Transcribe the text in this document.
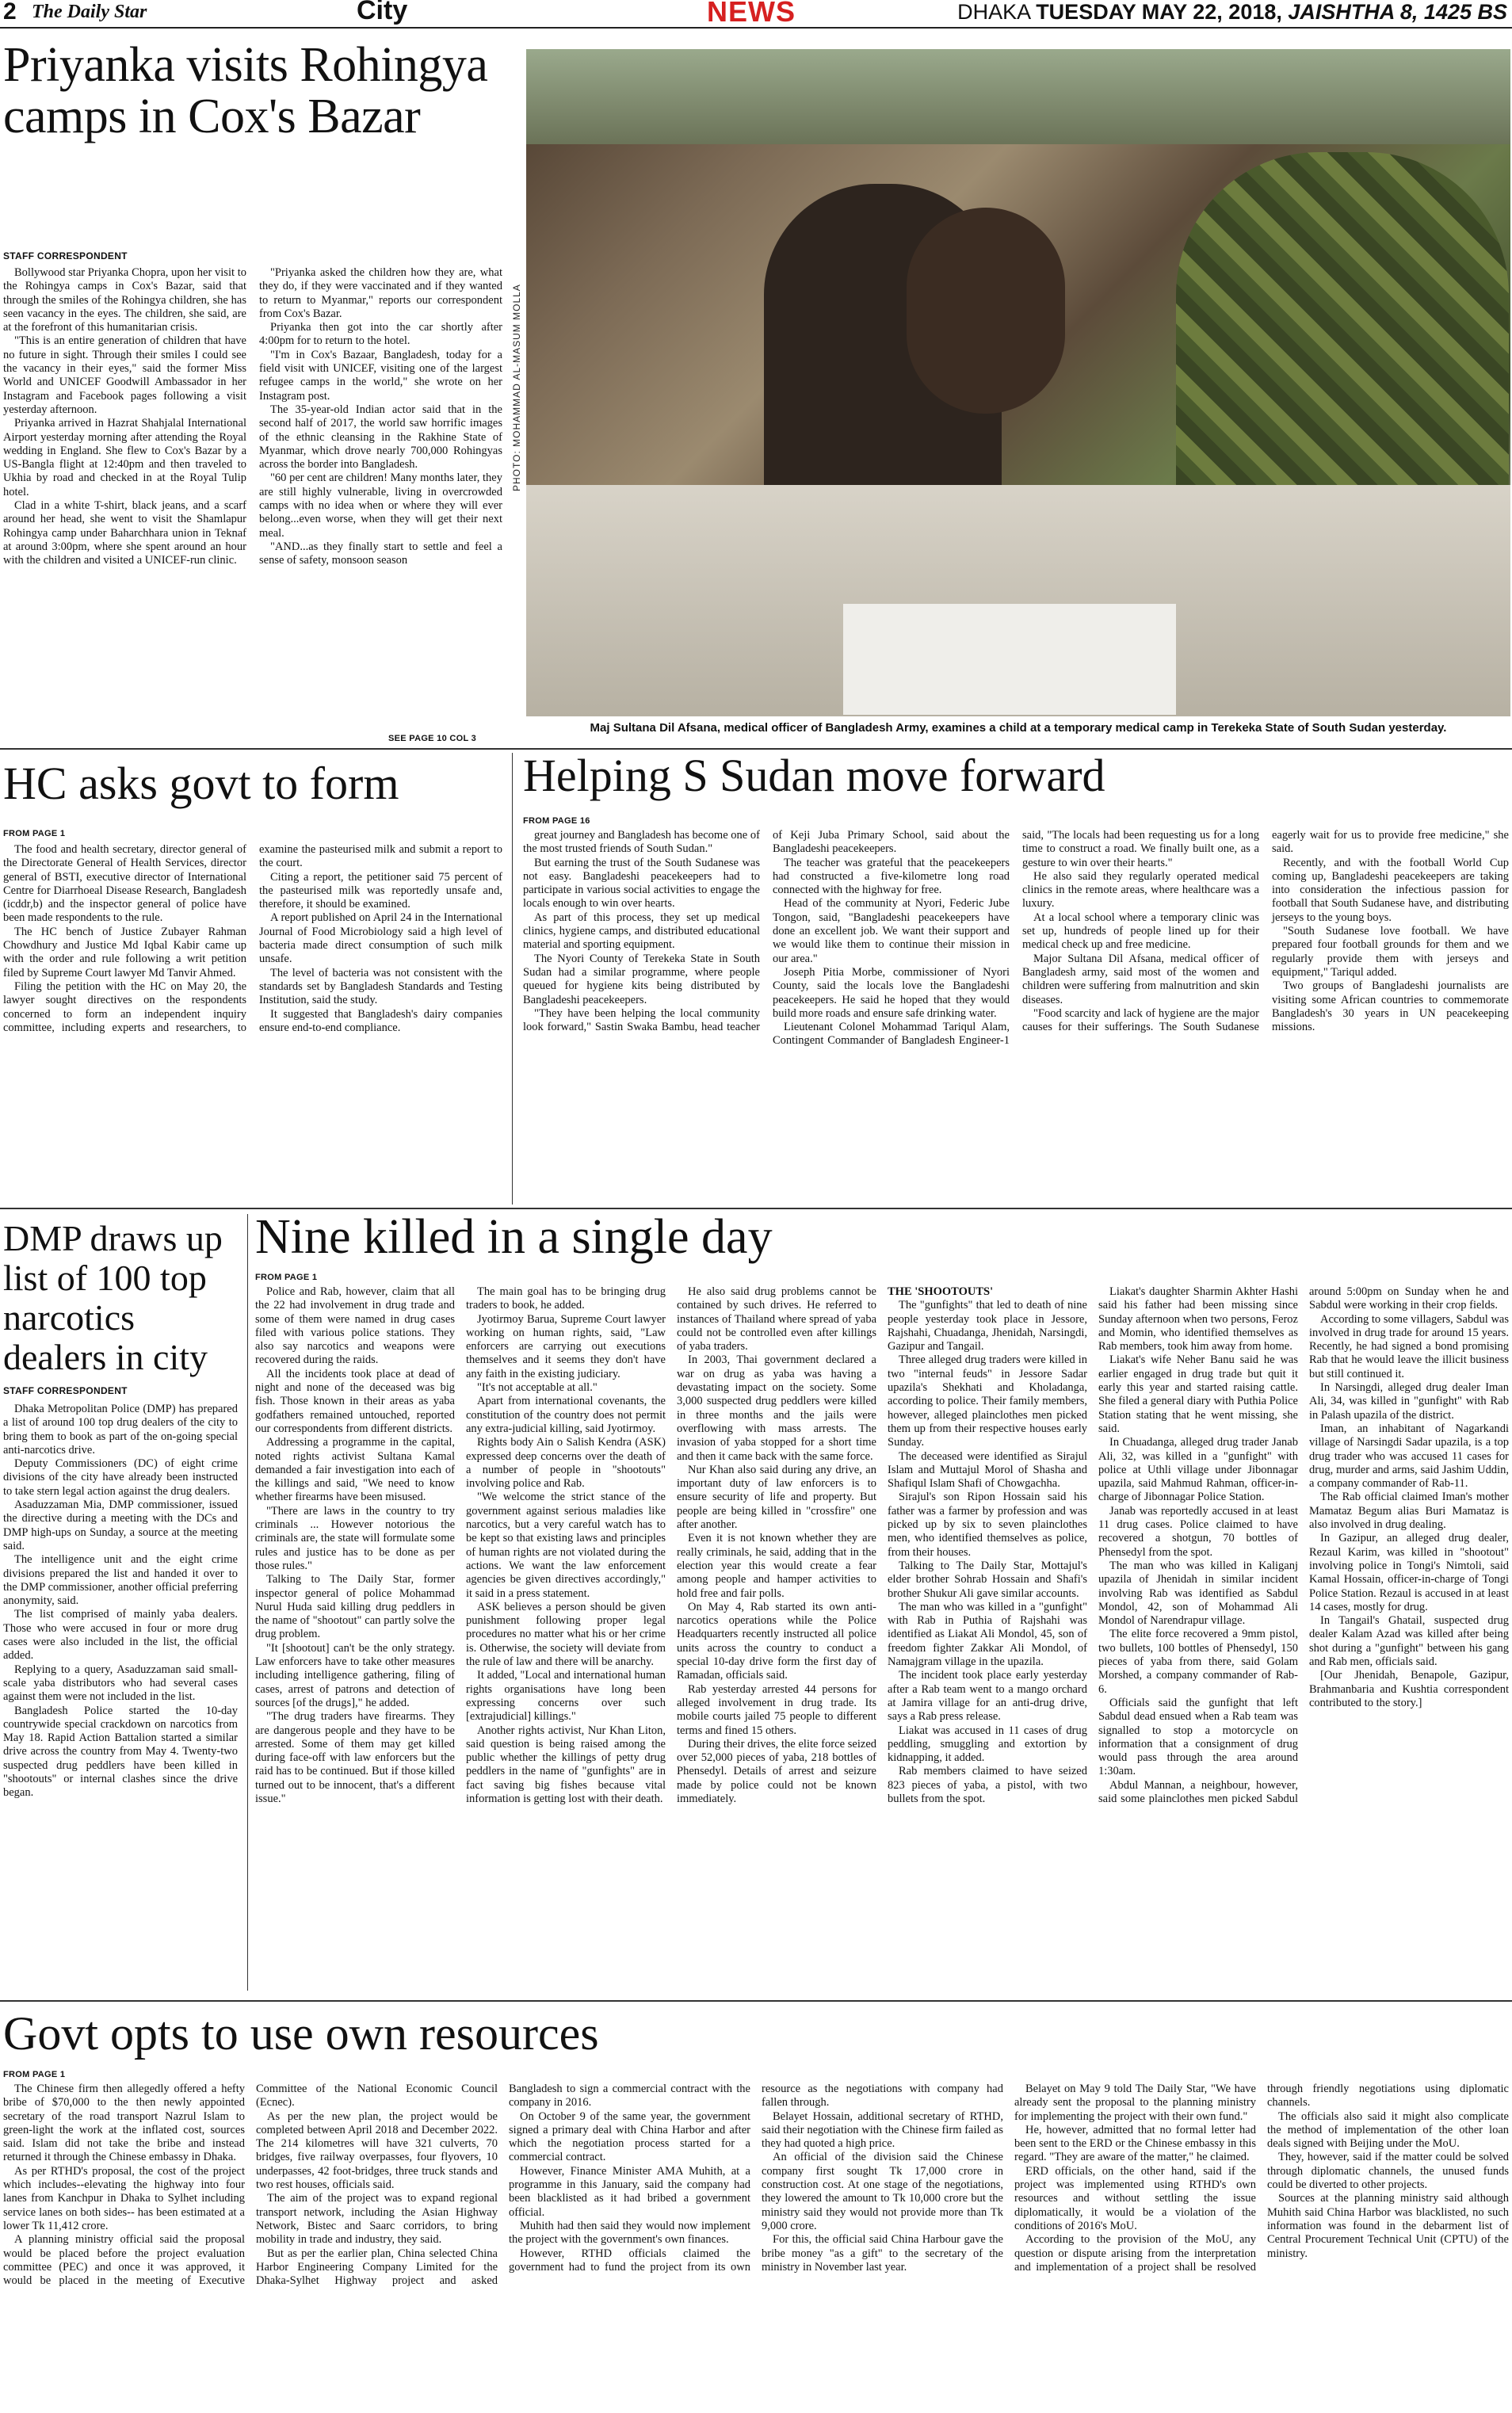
2 The Daily Star	City	NEWS	DHAKA TUESDAY MAY 22, 2018, JAISHTHA 8, 1425 BS
Priyanka visits Rohingya camps in Cox's Bazar
STAFF CORRESPONDENT

Bollywood star Priyanka Chopra, upon her visit to the Rohingya camps in Cox's Bazar, said that through the smiles of the Rohingya children, she has seen vacancy in the eyes. The children, she said, are at the forefront of this humanitarian crisis.

"This is an entire generation of children that have no future in sight. Through their smiles I could see the vacancy in their eyes," said the former Miss World and UNICEF Goodwill Ambassador in her Instagram and Facebook pages following a visit yesterday afternoon.

Priyanka arrived in Hazrat Shahjalal International Airport yesterday morning after attending the Royal wedding in England. She flew to Cox's Bazar by a US-Bangla flight at 12:40pm and then traveled to Ukhia by road and checked in at the Royal Tulip hotel.

Clad in a white T-shirt, black jeans, and a scarf around her head, she went to visit the Shamlapur Rohingya camp under Baharchhara union in Teknaf at around 3:00pm, where she spent around an hour with the children and visited a UNICEF-run clinic.

"Priyanka asked the children how they are, what they do, if they were vaccinated and if they wanted to return to Myanmar," reports our correspondent from Cox's Bazar.

Priyanka then got into the car shortly after 4:00pm for to return to the hotel.

"I'm in Cox's Bazaar, Bangladesh, today for a field visit with UNICEF, visiting one of the largest refugee camps in the world," she wrote on her Instagram post.

The 35-year-old Indian actor said that in the second half of 2017, the world saw horrific images of the ethnic cleansing in the Rakhine State of Myanmar, which drove nearly 700,000 Rohingyas across the border into Bangladesh.

"60 per cent are children! Many months later, they are still highly vulnerable, living in overcrowded camps with no idea when or where they will ever belong...even worse, when they will get their next meal.

"AND...as they finally start to settle and feel a sense of safety, monsoon season

SEE PAGE 10 COL 3
PHOTO: MOHAMMAD AL-MASUM MOLLA
Maj Sultana Dil Afsana, medical officer of Bangladesh Army, examines a child at a temporary medical camp in Terekeka State of South Sudan yesterday.
HC asks govt to form
FROM PAGE 1

The food and health secretary, director general of the Directorate General of Health Services, director general of BSTI, executive director of International Centre for Diarrhoeal Disease Research, Bangladesh (icddr,b) and the inspector general of police have been made respondents to the rule.

The HC bench of Justice Zubayer Rahman Chowdhury and Justice Md Iqbal Kabir came up with the order and rule following a writ petition filed by Supreme Court lawyer Md Tanvir Ahmed.

Filing the petition with the HC on May 20, the lawyer sought directives on the respondents concerned to form an independent inquiry committee, including experts and researchers, to examine the pasteurised milk and submit a report to the court.

Citing a report, the petitioner said 75 percent of the pasteurised milk was reportedly unsafe and, therefore, it should be examined.

A report published on April 24 in the International Journal of Food Microbiology said a high level of bacteria made direct consumption of such milk unsafe.

The level of bacteria was not consistent with the standards set by Bangladesh Standards and Testing Institution, said the study.

It suggested that Bangladesh's dairy companies ensure end-to-end compliance.

Helping S Sudan move forward
FROM PAGE 16

great journey and Bangladesh has become one of the most trusted friends of South Sudan."

But earning the trust of the South Sudanese was not easy. Bangladeshi peacekeepers had to participate in various social activities to engage the locals enough to win over hearts.

As part of this process, they set up medical clinics, hygiene camps, and distributed educational material and sporting equipment.

The Nyori County of Terekeka State in South Sudan had a similar programme, where people queued for hygiene kits being distributed by Bangladeshi peacekeepers.

"They have been helping the local community look forward," Sastin Swaka Bambu, head teacher of Keji Juba Primary School, said about the Bangladeshi peacekeepers.

The teacher was grateful that the peacekeepers had constructed a five-kilometre long road connected with the highway for free.

Head of the community at Nyori, Federic Jube Tongon, said, "Bangladeshi peacekeepers have done an excellent job. We want their support and we would like them to continue their mission in our area."

Joseph Pitia Morbe, commissioner of Nyori County, said the locals love the Bangladeshi peacekeepers. He said he hoped that they would build more roads and ensure safe drinking water.

Lieutenant Colonel Mohammad Tariqul Alam, Contingent Commander of Bangladesh Engineer-1 said, "The locals had been requesting us for a long time to construct a road. We finally built one, as a gesture to win over their hearts."

He also said they regularly operated medical clinics in the remote areas, where healthcare was a luxury.

At a local school where a temporary clinic was set up, hundreds of people lined up for their medical check up and free medicine.

Major Sultana Dil Afsana, medical officer of Bangladesh army, said most of the women and children were suffering from malnutrition and skin diseases.

"Food scarcity and lack of hygiene are the major causes for their sufferings. The South Sudanese eagerly wait for us to provide free medicine," she said.

Recently, and with the football World Cup coming up, Bangladeshi peacekeepers are taking into consideration the infectious passion for football that South Sudanese have, and distributing jerseys to the young boys.

"South Sudanese love football. We have prepared four football grounds for them and we regularly provide them with jerseys and equipment," Tariqul added.

Two groups of Bangladeshi journalists are visiting some African countries to commemorate Bangladesh's 30 years in UN peacekeeping missions.

DMP draws up list of 100 top narcotics dealers in city
STAFF CORRESPONDENT

Dhaka Metropolitan Police (DMP) has prepared a list of around 100 top drug dealers of the city to bring them to book as part of the on-going special anti-narcotics drive.

Deputy Commissioners (DC) of eight crime divisions of the city have already been instructed to take stern legal action against the drug dealers.

Asaduzzaman Mia, DMP commissioner, issued the directive during a meeting with the DCs and DMP high-ups on Sunday, a source at the meeting said.

The intelligence unit and the eight crime divisions prepared the list and handed it over to the DMP commissioner, another official preferring anonymity, said.

The list comprised of mainly yaba dealers. Those who were accused in four or more drug cases were also included in the list, the official added.

Replying to a query, Asaduzzaman said small-scale yaba distributors who had several cases against them were not included in the list.

Bangladesh Police started the 10-day countrywide special crackdown on narcotics from May 18. Rapid Action Battalion started a similar drive across the country from May 4. Twenty-two suspected drug peddlers have been killed in "shootouts" or internal clashes since the drive began.

Nine killed in a single day
FROM PAGE 1

Police and Rab, however, claim that all the 22 had involvement in drug trade and some of them were named in drug cases filed with various police stations. They also say narcotics and weapons were recovered during the raids.

All the incidents took place at dead of night and none of the deceased was big fish. Those known in their areas as yaba godfathers remained untouched, reported our correspondents from different districts.

Addressing a programme in the capital, noted rights activist Sultana Kamal demanded a fair investigation into each of the killings and said, "We need to know whether firearms have been misused.

"There are laws in the country to try criminals ... However notorious the criminals are, the state will formulate some rules and justice has to be done as per those rules."

Talking to The Daily Star, former inspector general of police Mohammad Nurul Huda said killing drug peddlers in the name of "shootout" can partly solve the drug problem.

"It [shootout] can't be the only strategy. Law enforcers have to take other measures including intelligence gathering, filing of cases, arrest of patrons and detection of sources [of the drugs]," he added.

"The drug traders have firearms. They are dangerous people and they have to be arrested. Some of them may get killed during face-off with law enforcers but the raid has to be continued. But if those killed turned out to be innocent, that's a different issue."

The main goal has to be bringing drug traders to book, he added.

Jyotirmoy Barua, Supreme Court lawyer working on human rights, said, "Law enforcers are carrying out executions themselves and it seems they don't have any faith in the existing judiciary.

"It's not acceptable at all."

Apart from international covenants, the constitution of the country does not permit any extra-judicial killing, said Jyotirmoy.

Rights body Ain o Salish Kendra (ASK) expressed deep concerns over the death of a number of people in "shootouts" involving police and Rab.

"We welcome the strict stance of the government against serious maladies like narcotics, but a very careful watch has to be kept so that existing laws and principles of human rights are not violated during the actions. We want the law enforcement agencies be given directives accordingly," it said in a press statement.

ASK believes a person should be given punishment following proper legal procedures no matter what his or her crime is. Otherwise, the society will deviate from the rule of law and there will be anarchy.

It added, "Local and international human rights organisations have long been expressing concerns over such [extrajudicial] killings."

Another rights activist, Nur Khan Liton, said question is being raised among the public whether the killings of petty drug peddlers in the name of "gunfights" are in fact saving big fishes because vital information is getting lost with their death.

He also said drug problems cannot be contained by such drives. He referred to instances of Thailand where spread of yaba could not be controlled even after killings of yaba traders.

In 2003, Thai government declared a war on drug as yaba was having a devastating impact on the society. Some 3,000 suspected drug peddlers were killed in three months and the jails were overflowing with mass arrests. The invasion of yaba stopped for a short time and then it came back with the same force.

Nur Khan also said during any drive, an important duty of law enforcers is to ensure security of life and property. But people are being killed in "crossfire" one after another.

Even it is not known whether they are really criminals, he said, adding that in the election year this would create a fear among people and hamper activities to hold free and fair polls.

On May 4, Rab started its own anti-narcotics operations while the Police Headquarters recently instructed all police units across the country to conduct a special 10-day drive form the first day of Ramadan, officials said.

Rab yesterday arrested 44 persons for alleged involvement in drug trade. Its mobile courts jailed 75 people to different terms and fined 15 others.

During their drives, the elite force seized over 52,000 pieces of yaba, 218 bottles of Phensedyl. Details of arrest and seizure made by police could not be known immediately.

THE 'SHOOTOUTS'

The "gunfights" that led to death of nine people yesterday took place in Jessore, Rajshahi, Chuadanga, Jhenidah, Narsingdi, Gazipur and Tangail.

Three alleged drug traders were killed in two "internal feuds" in Jessore Sadar upazila's Shekhati and Kholadanga, according to police. Their family members, however, alleged plainclothes men picked them up from their respective houses early Sunday.

The deceased were identified as Sirajul Islam and Muttajul Morol of Shasha and Shafiqul Islam Shafi of Chowgachha.

Sirajul's son Ripon Hossain said his father was a farmer by profession and was picked up by six to seven plainclothes men, who identified themselves as police, from their houses.

Talking to The Daily Star, Mottajul's elder brother Sohrab Hossain and Shafi's brother Shukur Ali gave similar accounts.

The man who was killed in a "gunfight" with Rab in Puthia of Rajshahi was identified as Liakat Ali Mondol, 45, son of freedom fighter Zakkar Ali Mondol, of Namajgram village in the upazila.

The incident took place early yesterday after a Rab team went to a mango orchard at Jamira village for an anti-drug drive, says a Rab press release.

Liakat was accused in 11 cases of drug peddling, smuggling and extortion by kidnapping, it added.

Rab members claimed to have seized 823 pieces of yaba, a pistol, with two bullets from the spot.

Liakat's daughter Sharmin Akhter Hashi said his father had been missing since Sunday afternoon when two persons, Feroz and Momin, who identified themselves as Rab members, took him away from home.

Liakat's wife Neher Banu said he was earlier engaged in drug trade but quit it early this year and started raising cattle. She filed a general diary with Puthia Police Station stating that he went missing, she said.

In Chuadanga, alleged drug trader Janab Ali, 32, was killed in a "gunfight" with police at Uthli village under Jibonnagar upazila, said Mahmud Rahman, officer-in-charge of Jibonnagar Police Station.

Janab was reportedly accused in at least 11 drug cases. Police claimed to have recovered a shotgun, 70 bottles of Phensedyl from the spot.

The man who was killed in Kaliganj upazila of Jhenidah in similar incident involving Rab was identified as Sabdul Mondol, 42, son of Mohammad Ali Mondol of Narendrapur village.

The elite force recovered a 9mm pistol, two bullets, 100 bottles of Phensedyl, 150 pieces of yaba from there, said Golam Morshed, a company commander of Rab-6.

Officials said the gunfight that left Sabdul dead ensued when a Rab team was signalled to stop a motorcycle on information that a consignment of drug would pass through the area around 1:30am.

Abdul Mannan, a neighbour, however, said some plainclothes men picked Sabdul around 5:00pm on Sunday when he and Sabdul were working in their crop fields.

According to some villagers, Sabdul was involved in drug trade for around 15 years. Recently, he had signed a bond promising Rab that he would leave the illicit business but still continued it.

In Narsingdi, alleged drug dealer Iman Ali, 34, was killed in "gunfight" with Rab in Palash upazila of the district.

Iman, an inhabitant of Nagarkandi village of Narsingdi Sadar upazila, is a top drug trader who was accused 11 cases for drug, murder and arms, said Jashim Uddin, a company commander of Rab-11.

The Rab official claimed Iman's mother Mamataz Begum alias Buri Mamataz is also involved in drug dealing.

In Gazipur, an alleged drug dealer, Rezaul Karim, was killed in "shootout" involving police in Tongi's Nimtoli, said Kamal Hossain, officer-in-charge of Tongi Police Station. Rezaul is accused in at least 14 cases, mostly for drug.

In Tangail's Ghatail, suspected drug dealer Kalam Azad was killed after being shot during a "gunfight" between his gang and Rab men, officials said.

[Our Jhenidah, Benapole, Gazipur, Brahmanbaria and Kushtia correspondent contributed to the story.]

Govt opts to use own resources
FROM PAGE 1

The Chinese firm then allegedly offered a hefty bribe of $70,000 to the then newly appointed secretary of the road transport Nazrul Islam to green-light the work at the inflated cost, sources said. Islam did not take the bribe and instead returned it through the Chinese embassy in Dhaka.

As per RTHD's proposal, the cost of the project which includes--elevating the highway into four lanes from Kanchpur in Dhaka to Sylhet including service lanes on both sides-- has been estimated at a lower Tk 11,412 crore.

A planning ministry official said the proposal would be placed before the project evaluation committee (PEC) and once it was approved, it would be placed in the meeting of Executive Committee of the National Economic Council (Ecnec).

As per the new plan, the project would be completed between April 2018 and December 2022. The 214 kilometres will have 321 culverts, 70 bridges, five railway overpasses, four flyovers, 10 underpasses, 42 foot-bridges, three truck stands and two rest houses, officials said.

The aim of the project was to expand regional transport network, including the Asian Highway Network, Bistec and Saarc corridors, to bring mobility in trade and industry, they said.

But as per the earlier plan, China selected China Harbor Engineering Company Limited for the Dhaka-Sylhet Highway project and asked Bangladesh to sign a commercial contract with the company in 2016.

On October 9 of the same year, the government signed a primary deal with China Harbor and after which the negotiation process started for a commercial contract.

However, Finance Minister AMA Muhith, at a programme in this January, said the company had been blacklisted as it had bribed a government official.

Muhith had then said they would now implement the project with the government's own finances.

However, RTHD officials claimed the government had to fund the project from its own resource as the negotiations with company had fallen through.

Belayet Hossain, additional secretary of RTHD, said their negotiation with the Chinese firm failed as they had quoted a high price.

An official of the division said the Chinese company first sought Tk 17,000 crore in construction cost. At one stage of the negotiations, they lowered the amount to Tk 10,000 crore but the ministry said they would not provide more than Tk 9,000 crore.

For this, the official said China Harbour gave the bribe money "as a gift" to the secretary of the ministry in November last year.

Belayet on May 9 told The Daily Star, "We have already sent the proposal to the planning ministry for implementing the project with their own fund."

He, however, admitted that no formal letter had been sent to the ERD or the Chinese embassy in this regard. "They are aware of the matter," he claimed.

ERD officials, on the other hand, said if the project was implemented using RTHD's own resources and without settling the issue diplomatically, it would be a violation of the conditions of 2016's MoU.

According to the provision of the MoU, any question or dispute arising from the interpretation and implementation of a project shall be resolved through friendly negotiations using diplomatic channels.

The officials also said it might also complicate the method of implementation of the other loan deals signed with Beijing under the MoU.

They, however, said if the matter could be solved through diplomatic channels, the unused funds could be diverted to other projects.

Sources at the planning ministry said although Muhith said China Harbor was blacklisted, no such information was found in the debarment list of Central Procurement Technical Unit (CPTU) of the ministry.
